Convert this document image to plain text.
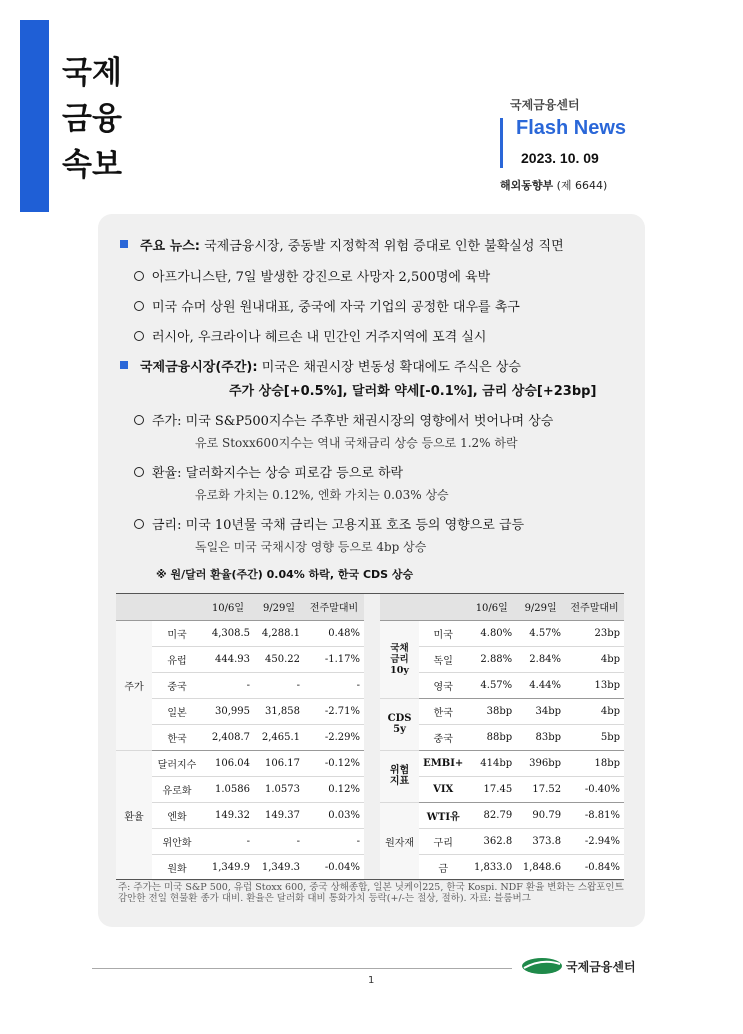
국제
금융
속보
국제금융센터
Flash News
2023. 10. 09
해외동향부 (제 6644)
주요 뉴스: 국제금융시장, 중동발 지정학적 위험 증대로 인한 불확실성 직면
아프가니스탄, 7일 발생한 강진으로 사망자 2,500명에 육박
미국 슈머 상원 원내대표, 중국에 자국 기업의 공정한 대우를 촉구
러시아, 우크라이나 헤르손 내 민간인 거주지역에 포격 실시
국제금융시장(주간): 미국은 채권시장 변동성 확대에도 주식은 상승
주가 상승[+0.5%], 달러화 약세[-0.1%], 금리 상승[+23bp]
주가: 미국 S&P500지수는 주후반 채권시장의 영향에서 벗어나며 상승
유로 Stoxx600지수는 역내 국채금리 상승 등으로 1.2% 하락
환율: 달러화지수는 상승 피로감 등으로 하락
유로화 가치는 0.12%, 엔화 가치는 0.03% 상승
금리: 미국 10년물 국채 금리는 고용지표 호조 등의 영향으로 급등
독일은 미국 국채시장 영향 등으로 4bp 상승
※ 원/달러 환율(주간) 0.04% 하락, 한국 CDS 상승
		10/6일	9/29일	전주말대비
주가	미국	4,308.5	4,288.1	0.48%
	유럽	444.93	450.22	-1.17%
	중국	-	-	-
	일본	30,995	31,858	-2.71%
	한국	2,408.7	2,465.1	-2.29%
환율	달러지수	106.04	106.17	-0.12%
	유로화	1.0586	1.0573	0.12%
	엔화	149.32	149.37	0.03%
	위안화	-	-	-
	원화	1,349.9	1,349.3	-0.04%
		10/6일	9/29일	전주말대비
국채
금리
10y	미국	4.80%	4.57%	23bp
	독일	2.88%	2.84%	4bp
	영국	4.57%	4.44%	13bp
CDS
5y	한국	38bp	34bp	4bp
	중국	88bp	83bp	5bp
위험
지표	EMBI+	414bp	396bp	18bp
	VIX	17.45	17.52	-0.40%
원자재	WTI유	82.79	90.79	-8.81%
	구리	362.8	373.8	-2.94%
	금	1,833.0	1,848.6	-0.84%
주: 주가는 미국 S&P 500, 유럽 Stoxx 600, 중국 상해종합, 일본 닛케이225, 한국 Kospi. NDF 환율 변화는 스왑포인트 감안한 전일 현물환 종가 대비. 환율은 달러화 대비 통화가치 등락(+/-는 절상, 절하). 자료: 블룸버그
1
국제금융센터
